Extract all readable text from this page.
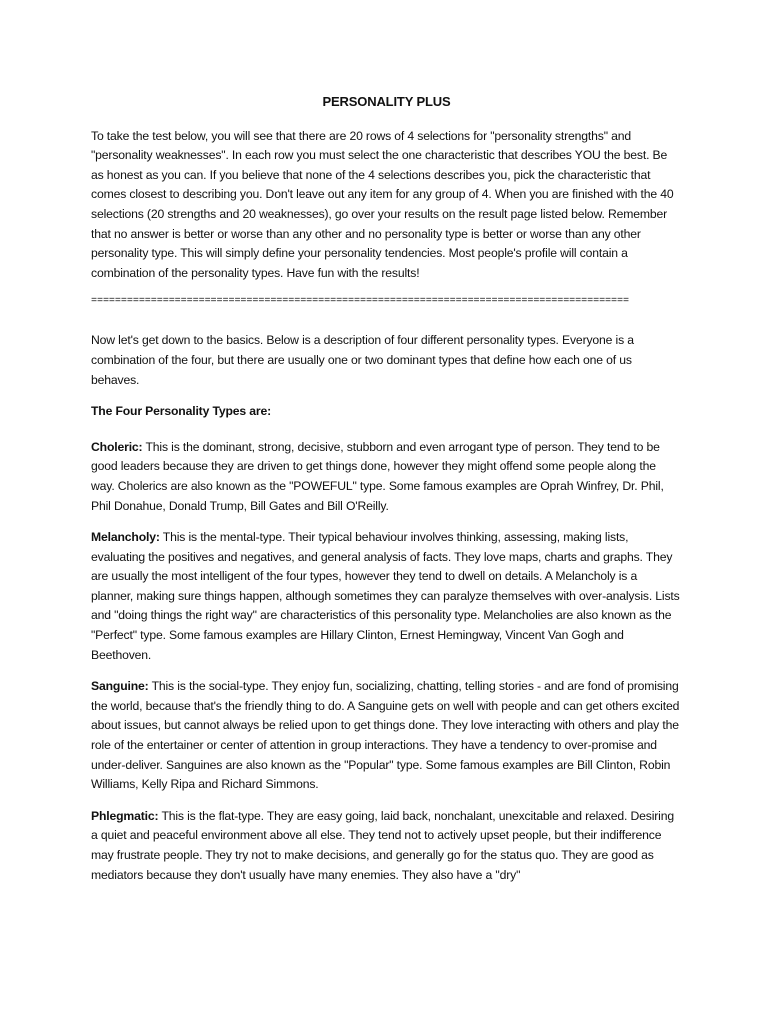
PERSONALITY PLUS

To take the test below, you will see that there are 20 rows of 4 selections for "personality strengths" and "personality weaknesses". In each row you must select the one characteristic that describes YOU the best. Be as honest as you can. If you believe that none of the 4 selections describes you, pick the characteristic that comes closest to describing you. Don't leave out any item for any group of 4. When you are finished with the 40 selections (20 strengths and 20 weaknesses), go over your results on the result page listed below. Remember that no answer is better or worse than any other and no personality type is better or worse than any other personality type. This will simply define your personality tendencies. Most people's profile will contain a combination of the personality types. Have fun with the results!

==========================================================================================

Now let's get down to the basics. Below is a description of four different personality types. Everyone is a combination of the four, but there are usually one or two dominant types that define how each one of us behaves.

The Four Personality Types are:

Choleric: This is the dominant, strong, decisive, stubborn and even arrogant type of person. They tend to be good leaders because they are driven to get things done, however they might offend some people along the way. Cholerics are also known as the "POWEFUL" type. Some famous examples are Oprah Winfrey, Dr. Phil, Phil Donahue, Donald Trump, Bill Gates and Bill O'Reilly.

Melancholy: This is the mental-type. Their typical behaviour involves thinking, assessing, making lists, evaluating the positives and negatives, and general analysis of facts. They love maps, charts and graphs. They are usually the most intelligent of the four types, however they tend to dwell on details. A Melancholy is a planner, making sure things happen, although sometimes they can paralyze themselves with over-analysis. Lists and "doing things the right way" are characteristics of this personality type. Melancholies are also known as the "Perfect" type. Some famous examples are Hillary Clinton, Ernest Hemingway, Vincent Van Gogh and Beethoven.

Sanguine: This is the social-type. They enjoy fun, socializing, chatting, telling stories - and are fond of promising the world, because that's the friendly thing to do. A Sanguine gets on well with people and can get others excited about issues, but cannot always be relied upon to get things done. They love interacting with others and play the role of the entertainer or center of attention in group interactions. They have a tendency to over-promise and under-deliver. Sanguines are also known as the "Popular" type. Some famous examples are Bill Clinton, Robin Williams, Kelly Ripa and Richard Simmons.

Phlegmatic: This is the flat-type. They are easy going, laid back, nonchalant, unexcitable and relaxed. Desiring a quiet and peaceful environment above all else. They tend not to actively upset people, but their indifference may frustrate people. They try not to make decisions, and generally go for the status quo. They are good as mediators because they don't usually have many enemies. They also have a "dry"
